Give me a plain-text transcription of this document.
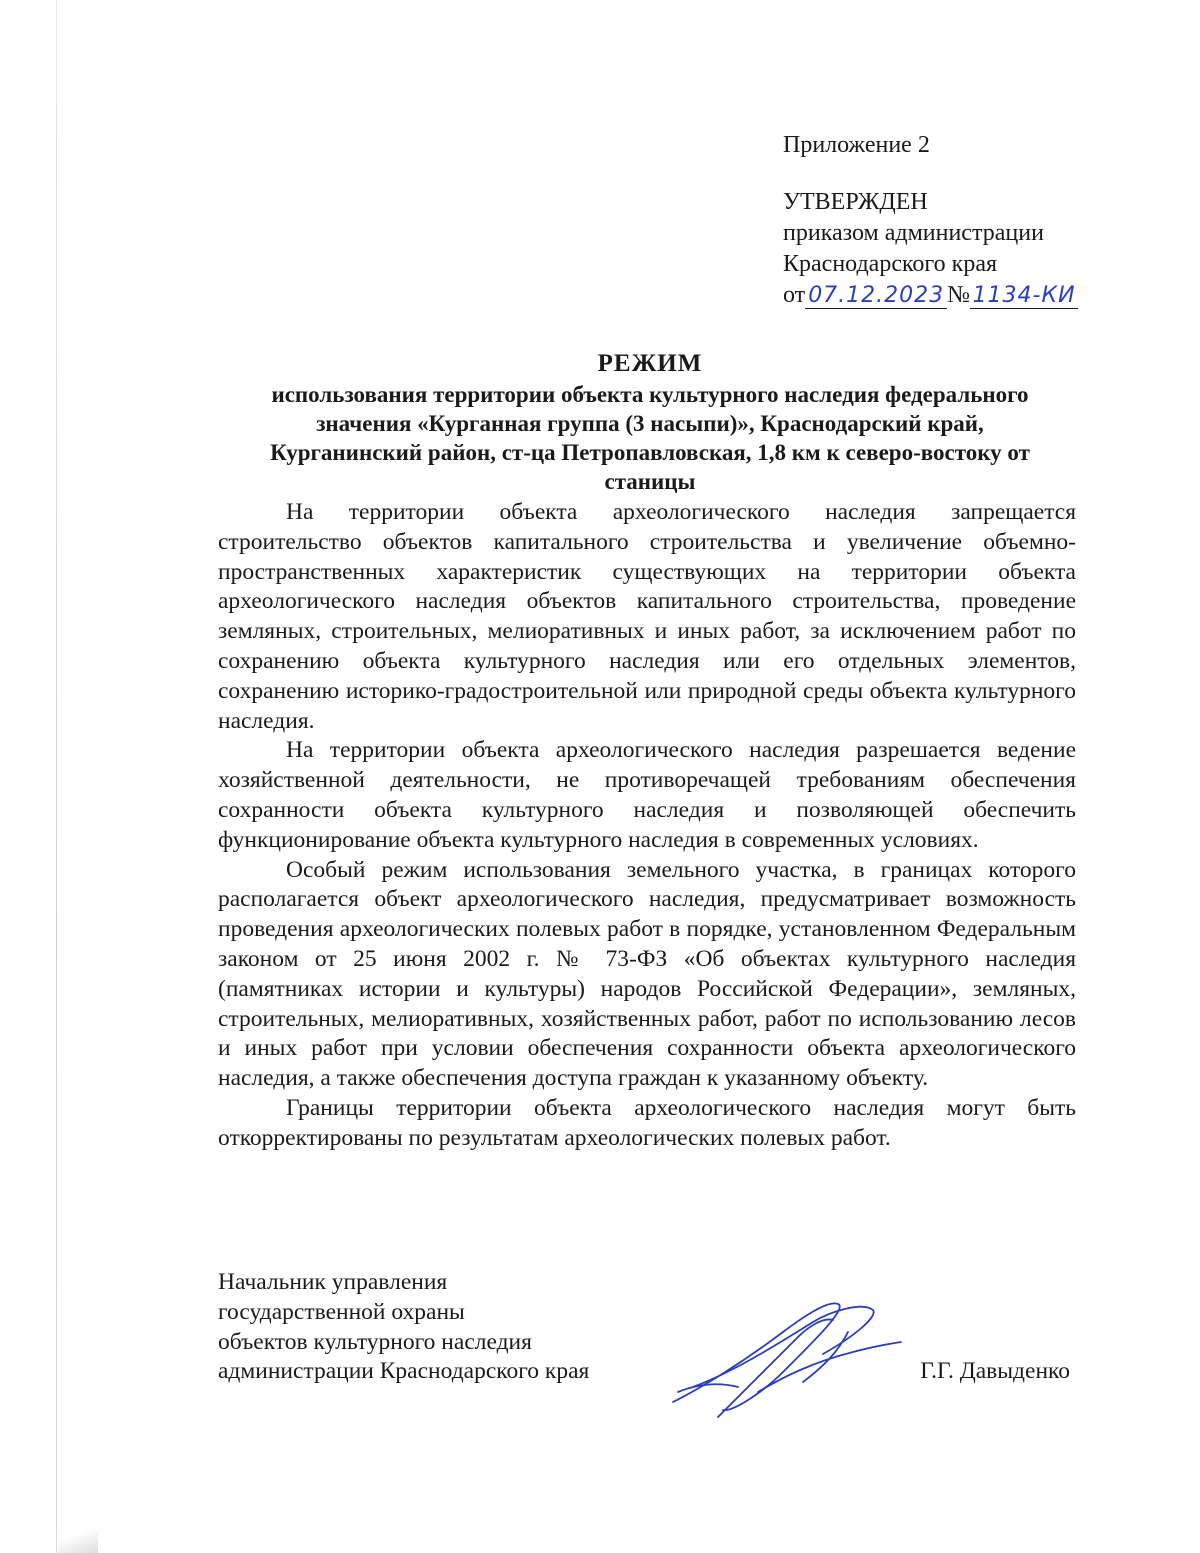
Приложение 2
УТВЕРЖДЕН
приказом администрации
Краснодарского края
от 07.12.2023 № 1134-КИ
РЕЖИМ
использования территории объекта культурного наследия федерального
значения «Курганная группа (3 насыпи)», Краснодарский край,
Курганинский район, ст-ца Петропавловская, 1,8 км к северо-востоку от
станицы

На территории объекта археологического наследия запрещается строительство объектов капитального строительства и увеличение объемно-пространственных характеристик существующих на территории объекта археологического наследия объектов капитального строительства, проведение земляных, строительных, мелиоративных и иных работ, за исключением работ по сохранению объекта культурного наследия или его отдельных элементов, сохранению историко-градостроительной или природной среды объекта культурного наследия.

На территории объекта археологического наследия разрешается ведение хозяйственной деятельности, не противоречащей требованиям обеспечения сохранности объекта культурного наследия и позволяющей обеспечить функционирование объекта культурного наследия в современных условиях.

Особый режим использования земельного участка, в границах которого располагается объект археологического наследия, предусматривает возможность проведения археологических полевых работ в порядке, установленном Федеральным законом от 25 июня 2002 г. № 73-ФЗ «Об объектах культурного наследия (памятниках истории и культуры) народов Российской Федерации», земляных, строительных, мелиоративных, хозяйственных работ, работ по использованию лесов и иных работ при условии обеспечения сохранности объекта археологического наследия, а также обеспечения доступа граждан к указанному объекту.

Границы территории объекта археологического наследия могут быть откорректированы по результатам археологических полевых работ.

Начальник управления
государственной охраны
объектов культурного наследия
администрации Краснодарского края	Г.Г. Давыденко
